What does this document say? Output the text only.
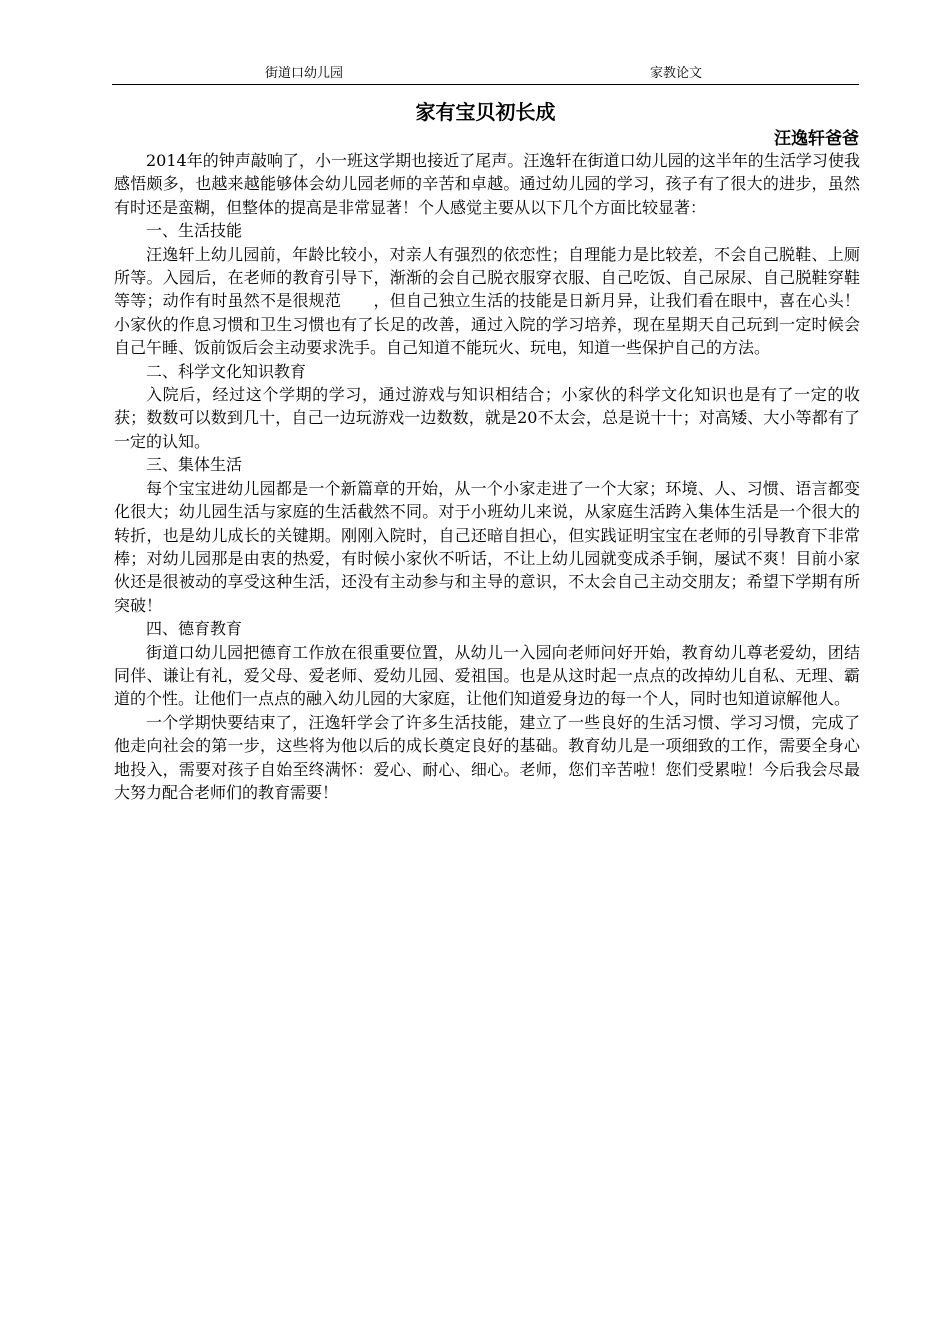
街道口幼儿园	家教论文
家有宝贝初长成
汪逸轩爸爸

2014年的钟声敲响了，小一班这学期也接近了尾声。汪逸轩在街道口幼儿园的这半年的生活学习使我感悟颇多，也越来越能够体会幼儿园老师的辛苦和卓越。通过幼儿园的学习，孩子有了很大的进步，虽然有时还是蛮糊，但整体的提高是非常显著！个人感觉主要从以下几个方面比较显著：

一、生活技能

汪逸轩上幼儿园前，年龄比较小，对亲人有强烈的依恋性；自理能力是比较差，不会自己脱鞋、上厕所等。入园后，在老师的教育引导下，渐渐的会自己脱衣服穿衣服、自己吃饭、自己尿尿、自己脱鞋穿鞋等等；动作有时虽然不是很规范　　，但自己独立生活的技能是日新月异，让我们看在眼中，喜在心头！小家伙的作息习惯和卫生习惯也有了长足的改善，通过入院的学习培养，现在星期天自己玩到一定时候会自己午睡、饭前饭后会主动要求洗手。自己知道不能玩火、玩电，知道一些保护自己的方法。

二、科学文化知识教育

入院后，经过这个学期的学习，通过游戏与知识相结合；小家伙的科学文化知识也是有了一定的收获；数数可以数到几十，自己一边玩游戏一边数数，就是20不太会，总是说十十；对高矮、大小等都有了一定的认知。

三、集体生活

每个宝宝进幼儿园都是一个新篇章的开始，从一个小家走进了一个大家；环境、人、习惯、语言都变化很大；幼儿园生活与家庭的生活截然不同。对于小班幼儿来说，从家庭生活跨入集体生活是一个很大的转折，也是幼儿成长的关键期。刚刚入院时，自己还暗自担心，但实践证明宝宝在老师的引导教育下非常棒；对幼儿园那是由衷的热爱，有时候小家伙不听话，不让上幼儿园就变成杀手锏，屡试不爽！目前小家伙还是很被动的享受这种生活，还没有主动参与和主导的意识，不太会自己主动交朋友；希望下学期有所突破！

四、德育教育

街道口幼儿园把德育工作放在很重要位置，从幼儿一入园向老师问好开始，教育幼儿尊老爱幼，团结同伴、谦让有礼，爱父母、爱老师、爱幼儿园、爱祖国。也是从这时起一点点的改掉幼儿自私、无理、霸道的个性。让他们一点点的融入幼儿园的大家庭，让他们知道爱身边的每一个人，同时也知道谅解他人。

一个学期快要结束了，汪逸轩学会了许多生活技能，建立了一些良好的生活习惯、学习习惯，完成了他走向社会的第一步，这些将为他以后的成长奠定良好的基础。教育幼儿是一项细致的工作，需要全身心地投入，需要对孩子自始至终满怀：爱心、耐心、细心。老师，您们辛苦啦！您们受累啦！今后我会尽最大努力配合老师们的教育需要！
